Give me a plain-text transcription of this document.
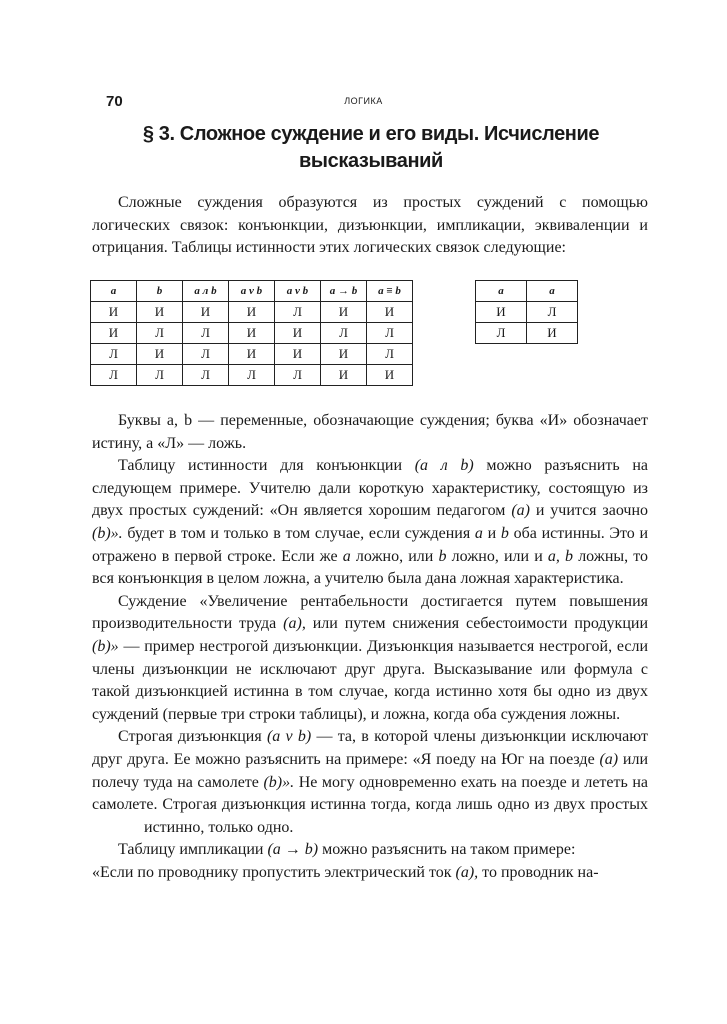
70	ЛОГИКА
§ 3. Сложное суждение и его виды. Исчисление
высказываний

Сложные суждения образуются из простых суждений с помощью логических связок: конъюнкции, дизъюнкции, импликации, эквиваленции и отрицания. Таблицы истинности этих логических связок следующие:

a	b	a л b	a v b	a v b	a → b	a ≡ b
И	И	И	И	Л	И	И
И	Л	Л	И	И	Л	Л
Л	И	Л	И	И	И	Л
Л	Л	Л	Л	Л	И	И
a	a
И	Л
Л	И

Буквы a, b — переменные, обозначающие суждения; буква «И» обозначает истину, а «Л» — ложь.

Таблицу истинности для конъюнкции (a л b) можно разъяснить на следующем примере. Учителю дали короткую характеристику, состоящую из двух простых суждений: «Он является хорошим педагогом (a) и учится заочно (b)». будет в том и только в том случае, если суждения a и b оба истинны. Это и отражено в первой строке. Если же a ложно, или b ложно, или и a, b ложны, то вся конъюнкция в целом ложна, а учителю была дана ложная характеристика.

Суждение «Увеличение рентабельности достигается путем повышения производительности труда (a), или путем снижения себестоимости продукции (b)» — пример нестрогой дизъюнкции. Дизъюнкция называется нестрогой, если члены дизъюнкции не исключают друг друга. Высказывание или формула с такой дизъюнкцией истинна в том случае, когда истинно хотя бы одно из двух суждений (первые три строки таблицы), и ложна, когда оба суждения ложны.

Строгая дизъюнкция (a v b) — та, в которой члены дизъюнкции исключают друг друга. Ее можно разъяснить на примере: «Я поеду на Юг на поезде (a) или полечу туда на самолете (b)». Не могу одновременно ехать на поезде и лететь на самолете. Строгая дизъюнкция истинна тогда, когда лишь одно из двух простыхистинно, только одно.

Таблицу импликации (a → b) можно разъяснить на таком примере:

«Если по проводнику пропустить электрический ток (a), то проводник на-
